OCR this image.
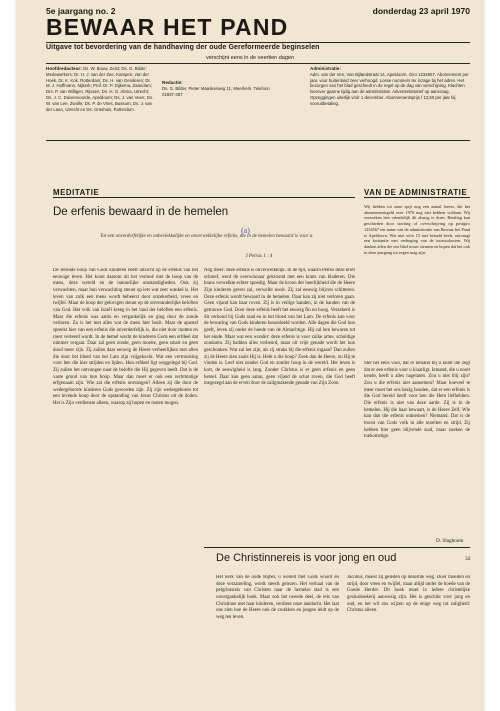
5e jaargang no. 2	donderdag 23 april 1970
BEWAAR HET PAND
Uitgave tot bevordering van de handhaving der oude Gereformeerde beginselen
verschijnt eens in de veertien dagen
Hoofdredacteur: Ds. W. Bouw, Zeist; Ds. G. Bilder; Medewerkers: Dr. H. J. van der Zee, Kampen; van der Hoek, Dr. K. Kok, Rotterdam; Ds. H. van Genderen; Dr. M. J. Hoffmann, Nijkerk; Prof. Dr. P. Dijkema, Zaandam; Drs. P. van Willigen, Rijssen; Ds. H. G. Abma, Utrecht; Ds. J. C. Duivenvoorde, Apeldoorn; Ds. J. van Veen; Ds. W. van Lee, Zwolle; Ds. P. de Vries, Bussum; Ds. J. van der Laan, Utrecht en Ds. Grashuis, Rotterdam.
Redactie:
Ds. G. Bilder, Pieter Maaskerweg 11, Meerkerk. Telefoon 01837-357
Administratie:
Adm. van der Ven, Van Bijlandstraat 14, Apeldoorn. Giro 1234567. Abonnement per jaar, voor buitenland zeer verhoogd. Losse nummers ter inzage bij het adres. Het bezorgen van het blad geschiedt in de regel op de dag van verschijning. Klachten hierover gaarne tijdig aan de administratie. Advertentietarief op aanvraag. Opzeggingen uiterlijk vóór 1 december. Abonnementsprijs f 12,50 per jaar bij vooruitbetaling.
MEDITATIE	VAN DE ADMINISTRATIE
De erfenis bewaard in de hemelen
(a)
Tot een onverderfelijke en onbevlekkelijke en onverwelkelijke erfenis, die in de hemelen bewaard is voor u.
I Petrus 1 : 4
De levende hoop van Gods kinderen heeft uitzicht op de erfenis van het eeuwige leven. Het komt daarom uit het vermoë met de hoop van de mens, deze wereld en de natuurlijke omstandigheden. Ook zij verwachten, maar hun verwachting steunt op iets wat zeer wankel is. Het leven van zulk een mens wordt beheerst door onzekerheid, vrees en twijfel. Maar de hoop der gelovigen steunt op de onveranderlijke beloften van God. Het volk van Israël kreeg in het land der beloften een erfenis. Maar die erfenis was aards en vergankelijk en ging door de zonde verloren. Zo is het met alles wat de mens hier bezit. Maar de apostel spreekt hier van een erfenis die onverderfelijk is, die niet door motten en roest verteerd wordt. In de hemel wacht de kinderen Gods een erfdeel dat nimmer vergaat. Daar zal geen zonde, geen moeite, geen smart en geen dood meer zijn. Zij zullen daar eeuwig de Heere verheerlijken met allen die door het bloed van het Lam zijn vrijgekocht. Wat een vertroosting voor hen die hier strijden en lijden. Hun erfdeel ligt weggelegd bij God. Zij zullen het ontvangen naar de belofte die Hij gegeven heeft. Dat is de vaste grond van hun hoop. Maar dan moet er ook een rechtmatige erfgenaam zijn. Wie zal die erfenis ontvangen? Alleen zij die door de wedergeboorte kinderen Gods geworden zijn. Zij zijn wedergeboren tot een levende hoop door de opstanding van Jezus Christus uit de doden. Het is Zijn verdienste alleen, waarop zij hopen en rusten mogen.
Nog meer: deze erfenis is onverwelkelijk. In de tijd, waarin Petrus deze brief schreef, werd de overwinnaar gekroond met een krans van bladeren. Die krans verwelkte echter spoedig. Maar de kroon der heerlijkheid die de Heere Zijn kinderen geven zal, verwelkt nooit. Zij zal eeuwig blijven schitteren. Deze erfenis wordt bewaard in de hemelen. Daar kan zij niet verloren gaan. Geen vijand kan haar roven. Zij is in veilige handen, in de handen van de getrouwe God. Door deze erfenis heeft het eeuwig fin en hoog. Verzekerd is dit verbond bij Gods raad en in het bloed van het Lam. De erfenis kan voor de bewaring van Gods kinderen beoordeeld worden. Alle dagen die God hun geeft, leven zij onder de hoede van de Almachtige. Hij zal hen bewaren tot het einde. Maar wat een wonder: deze erfenis is voor zulke arme, schuldige zondaren. Zij hadden alles verbeurd, maar uit vrije genade wordt het hun geschonken. Wat zal het zijn, als zij straks bij die erfenis ingaan? Dan zullen zij de Heere zien zoals Hij is. Hebt u die hoop? Zoek dan de Heere, nu Hij te vinden is. Leef niet zonder God en zonder hoop in de wereld. Het leven is kort, de eeuwigheid is lang. Zonder Christus is er geen erfenis en geen hemel. Daar kan geen satan, geen vijand de schat roven, die God heeft toegezegd aan de erven door de zaligmakende genade van Zijn Zoon.
Wij hebben tot onze spijt nog een aantal lezers, die het abonnementsgeld over 1970 nog niet hebben voldaan. Wij verzoeken hen vriendelijk dit alsnog te doen. Betaling kan geschieden door storting of overschrijving op postgiro 1234567 ten name van de administratie van Bewaar het Pand te Apeldoorn. Wie niet vóór 15 mei betaald heeft, ontvangt een kwitantie met verhoging van de incassokosten. Wij danken allen die ons blad trouw steunen en hopen dat het ook in deze jaargang tot zegen mag zijn.
Stel het eens voor, dat er iemand bij u komt die zegt dat er een erfenis voor u klaarligt. Iemand, die u nooit kende, heeft u alles nagelaten. Zou u niet blij zijn? Zou u die erfenis niet aannemen? Maar hoeveel te meer moet het ons bezig houden, dat er een erfenis is die God bereid heeft voor hen die Hem liefhebben. Die erfenis is niet van deze aarde. Zij is in de hemelen. Hij die haar bewaart, is de Heere Zelf. Wie kan dan die erfenis ontnemen? Niemand. Dat is de troost van Gods volk in alle moeiten en strijd. Zij hebben hier geen blijvende stad, maar zoeken de toekomstige.
D. Slagboom
De Christinnereis is voor jong en oud	32
Het kerk van de oude Bijbel, u wereld met Gods woord en deze verzameling, wordt steeds gelezen. Het verhaal van de pelgrimsreis van Christen naar de hemelse stad is een onvergankelijk boek. Maar ook het tweede deel, de reis van Christinne met haar kinderen, verdient onze aandacht. Het laat ons zien hoe de Heere ook de zwakken en jongen leidt op de weg ten leven.
Jacobus, moest zij geleden op dezelfde weg. Door moeiten en strijd, door vrees en twijfel, maar altijd onder de hoede van de Goede Herder. Dit boek moet in iedere christelijke gezinsboekerij aanwezig zijn. Het is geschikt voor jong en oud, en het wil ons wijzen op de enige weg tot zaligheid: Christus alleen.
